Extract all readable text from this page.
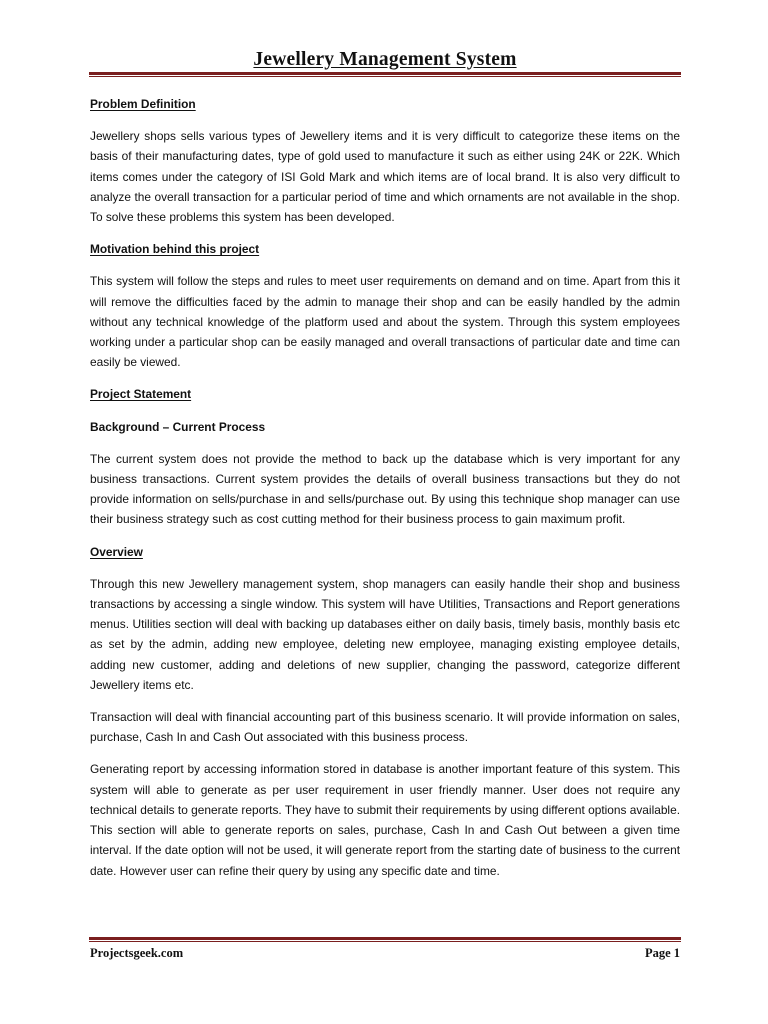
Jewellery Management System
Problem Definition

Jewellery shops sells various types of Jewellery items and it is very difficult to categorize these items on the basis of their manufacturing dates, type of gold used to manufacture it such as either using 24K or 22K. Which items comes under the category of ISI Gold Mark and which items are of local brand. It is also very difficult to analyze the overall transaction for a particular period of time and which ornaments are not available in the shop. To solve these problems this system has been developed.

Motivation behind this project

This system will follow the steps and rules to meet user requirements on demand and on time. Apart from this it will remove the difficulties faced by the admin to manage their shop and can be easily handled by the admin without any technical knowledge of the platform used and about the system. Through this system employees working under a particular shop can be easily managed and overall transactions of particular date and time can easily be viewed.

Project Statement
Background – Current Process

The current system does not provide the method to back up the database which is very important for any business transactions. Current system provides the details of overall business transactions but they do not provide information on sells/purchase in and sells/purchase out. By using this technique shop manager can use their business strategy such as cost cutting method for their business process to gain maximum profit.

Overview

Through this new Jewellery management system, shop managers can easily handle their shop and business transactions by accessing a single window. This system will have Utilities, Transactions and Report generations menus. Utilities section will deal with backing up databases either on daily basis, timely basis, monthly basis etc as set by the admin, adding new employee, deleting new employee, managing existing employee details, adding new customer, adding and deletions of new supplier, changing the password, categorize different Jewellery items etc.

Transaction will deal with financial accounting part of this business scenario. It will provide information on sales, purchase, Cash In and Cash Out associated with this business process.

Generating report by accessing information stored in database is another important feature of this system. This system will able to generate as per user requirement in user friendly manner. User does not require any technical details to generate reports. They have to submit their requirements by using different options available. This section will able to generate reports on sales, purchase, Cash In and Cash Out between a given time interval. If the date option will not be used, it will generate report from the starting date of business to the current date. However user can refine their query by using any specific date and time.

Projectsgeek.com	Page 1
